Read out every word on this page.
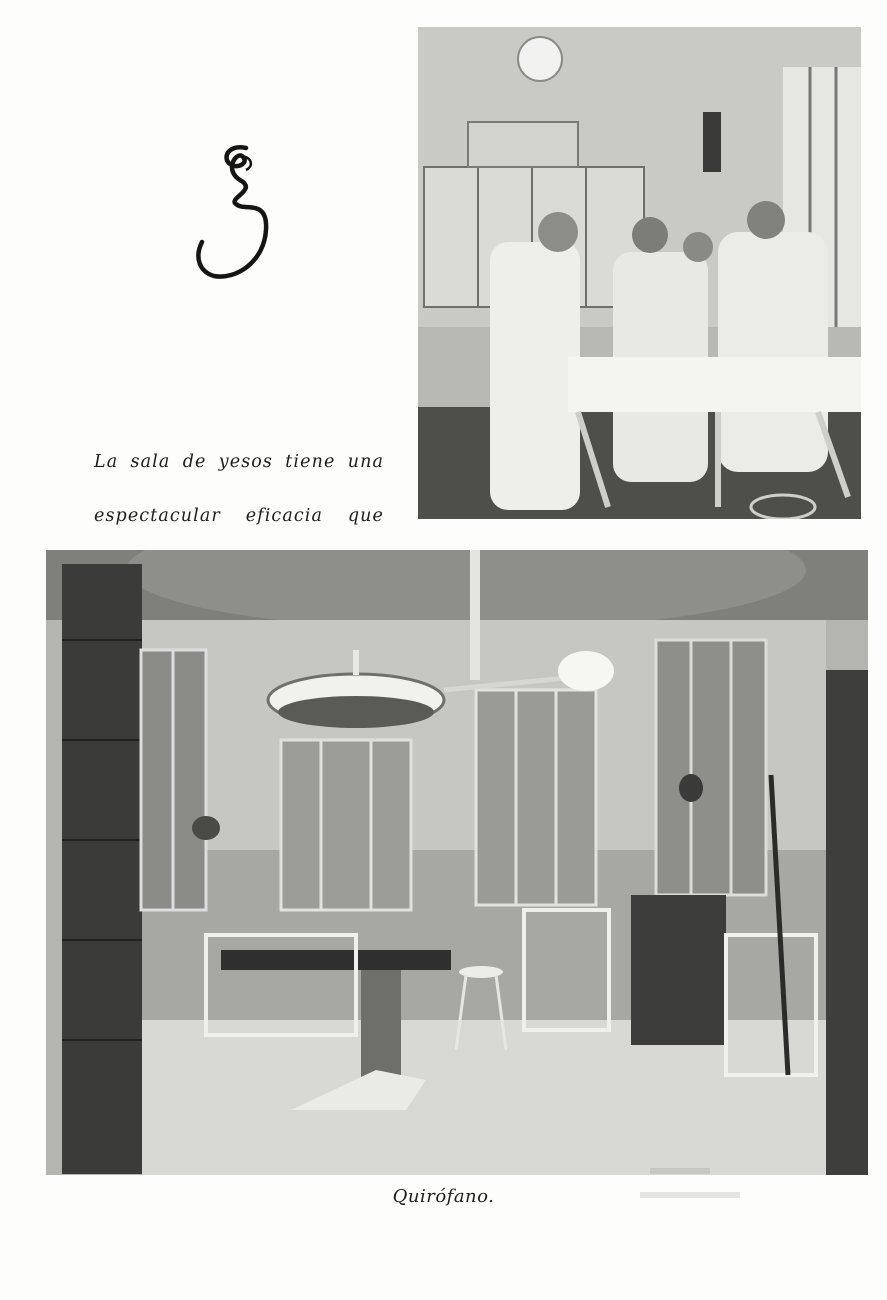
La sala de yesos tiene una

espectacular eficacia que

Quirófano.
